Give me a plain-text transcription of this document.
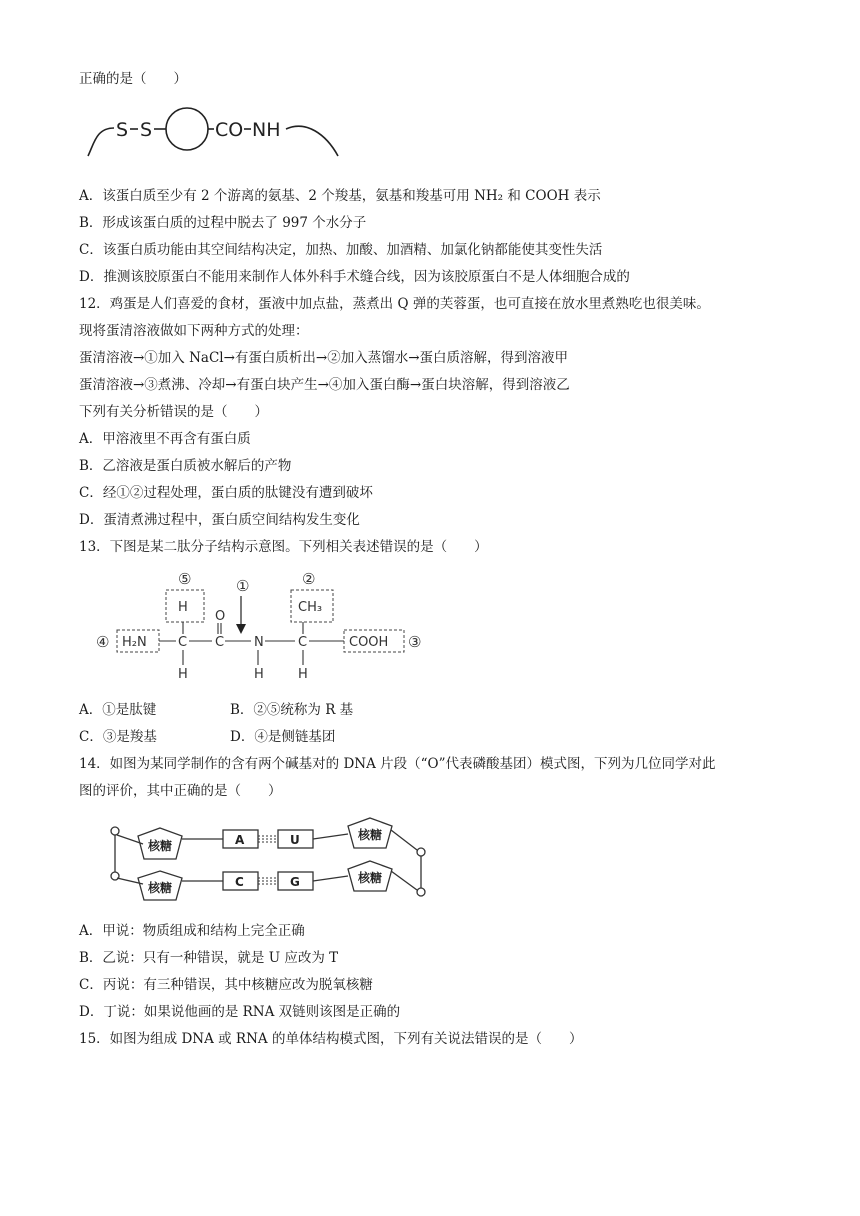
正确的是（　　）
S S	CO NH
A．该蛋白质至少有 2 个游离的氨基、2 个羧基，氨基和羧基可用 NH₂ 和 COOH 表示
B．形成该蛋白质的过程中脱去了 997 个水分子
C．该蛋白质功能由其空间结构决定，加热、加酸、加酒精、加氯化钠都能使其变性失活
D．推测该胶原蛋白不能用来制作人体外科手术缝合线，因为该胶原蛋白不是人体细胞合成的
12．鸡蛋是人们喜爱的食材，蛋液中加点盐，蒸煮出 Q 弹的芙蓉蛋，也可直接在放水里煮熟吃也很美味。
现将蛋清溶液做如下两种方式的处理：
蛋清溶液→①加入 NaCl→有蛋白质析出→②加入蒸馏水→蛋白质溶解，得到溶液甲
蛋清溶液→③煮沸、冷却→有蛋白块产生→④加入蛋白酶→蛋白块溶解，得到溶液乙
下列有关分析错误的是（　　）
A．甲溶液里不再含有蛋白质
B．乙溶液是蛋白质被水解后的产物
C．经①②过程处理，蛋白质的肽键没有遭到破坏
D．蛋清煮沸过程中，蛋白质空间结构发生变化
13．下图是某二肽分子结构示意图。下列相关表述错误的是（　　）
⑤	①	②
④	③
H	CH₃
O
H₂N C C N	C	COOH
H	H	H
A．①是肽键	B．②⑤统称为 R 基
C．③是羧基	D．④是侧链基团
14．如图为某同学制作的含有两个碱基对的 DNA 片段（“O”代表磷酸基团）模式图，下列为几位同学对此
图的评价，其中正确的是（　　）
核糖
核糖
核糖
核糖
A	U
C	G
A．甲说：物质组成和结构上完全正确
B．乙说：只有一种错误，就是 U 应改为 T
C．丙说：有三种错误，其中核糖应改为脱氧核糖
D．丁说：如果说他画的是 RNA 双链则该图是正确的
15．如图为组成 DNA 或 RNA 的单体结构模式图，下列有关说法错误的是（　　）
